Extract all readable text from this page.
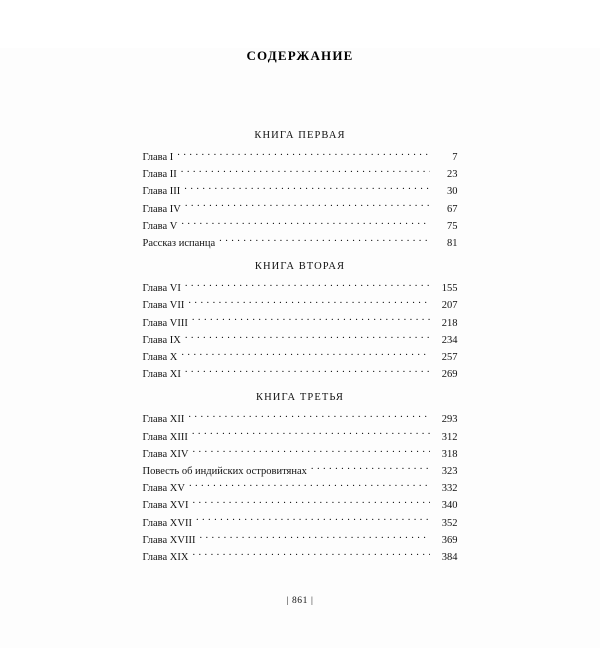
СОДЕРЖАНИЕ
КНИГА ПЕРВАЯ
Глава I . . .	7
Глава II . . .	23
Глава III . . .	30
Глава IV . . .	67
Глава V . . .	75
Рассказ испанца . . .	81
КНИГА ВТОРАЯ
Глава VI . . .	155
Глава VII . . .	207
Глава VIII . . .	218
Глава IX . . .	234
Глава X . . .	257
Глава XI . . .	269
КНИГА ТРЕТЬЯ
Глава XII . . .	293
Глава XIII . . .	312
Глава XIV . . .	318
Повесть об индийских островитянах . . .	323
Глава XV . . .	332
Глава XVI . . .	340
Глава XVII . . .	352
Глава XVIII . . .	369
Глава XIX . . .	384
| 861 |
